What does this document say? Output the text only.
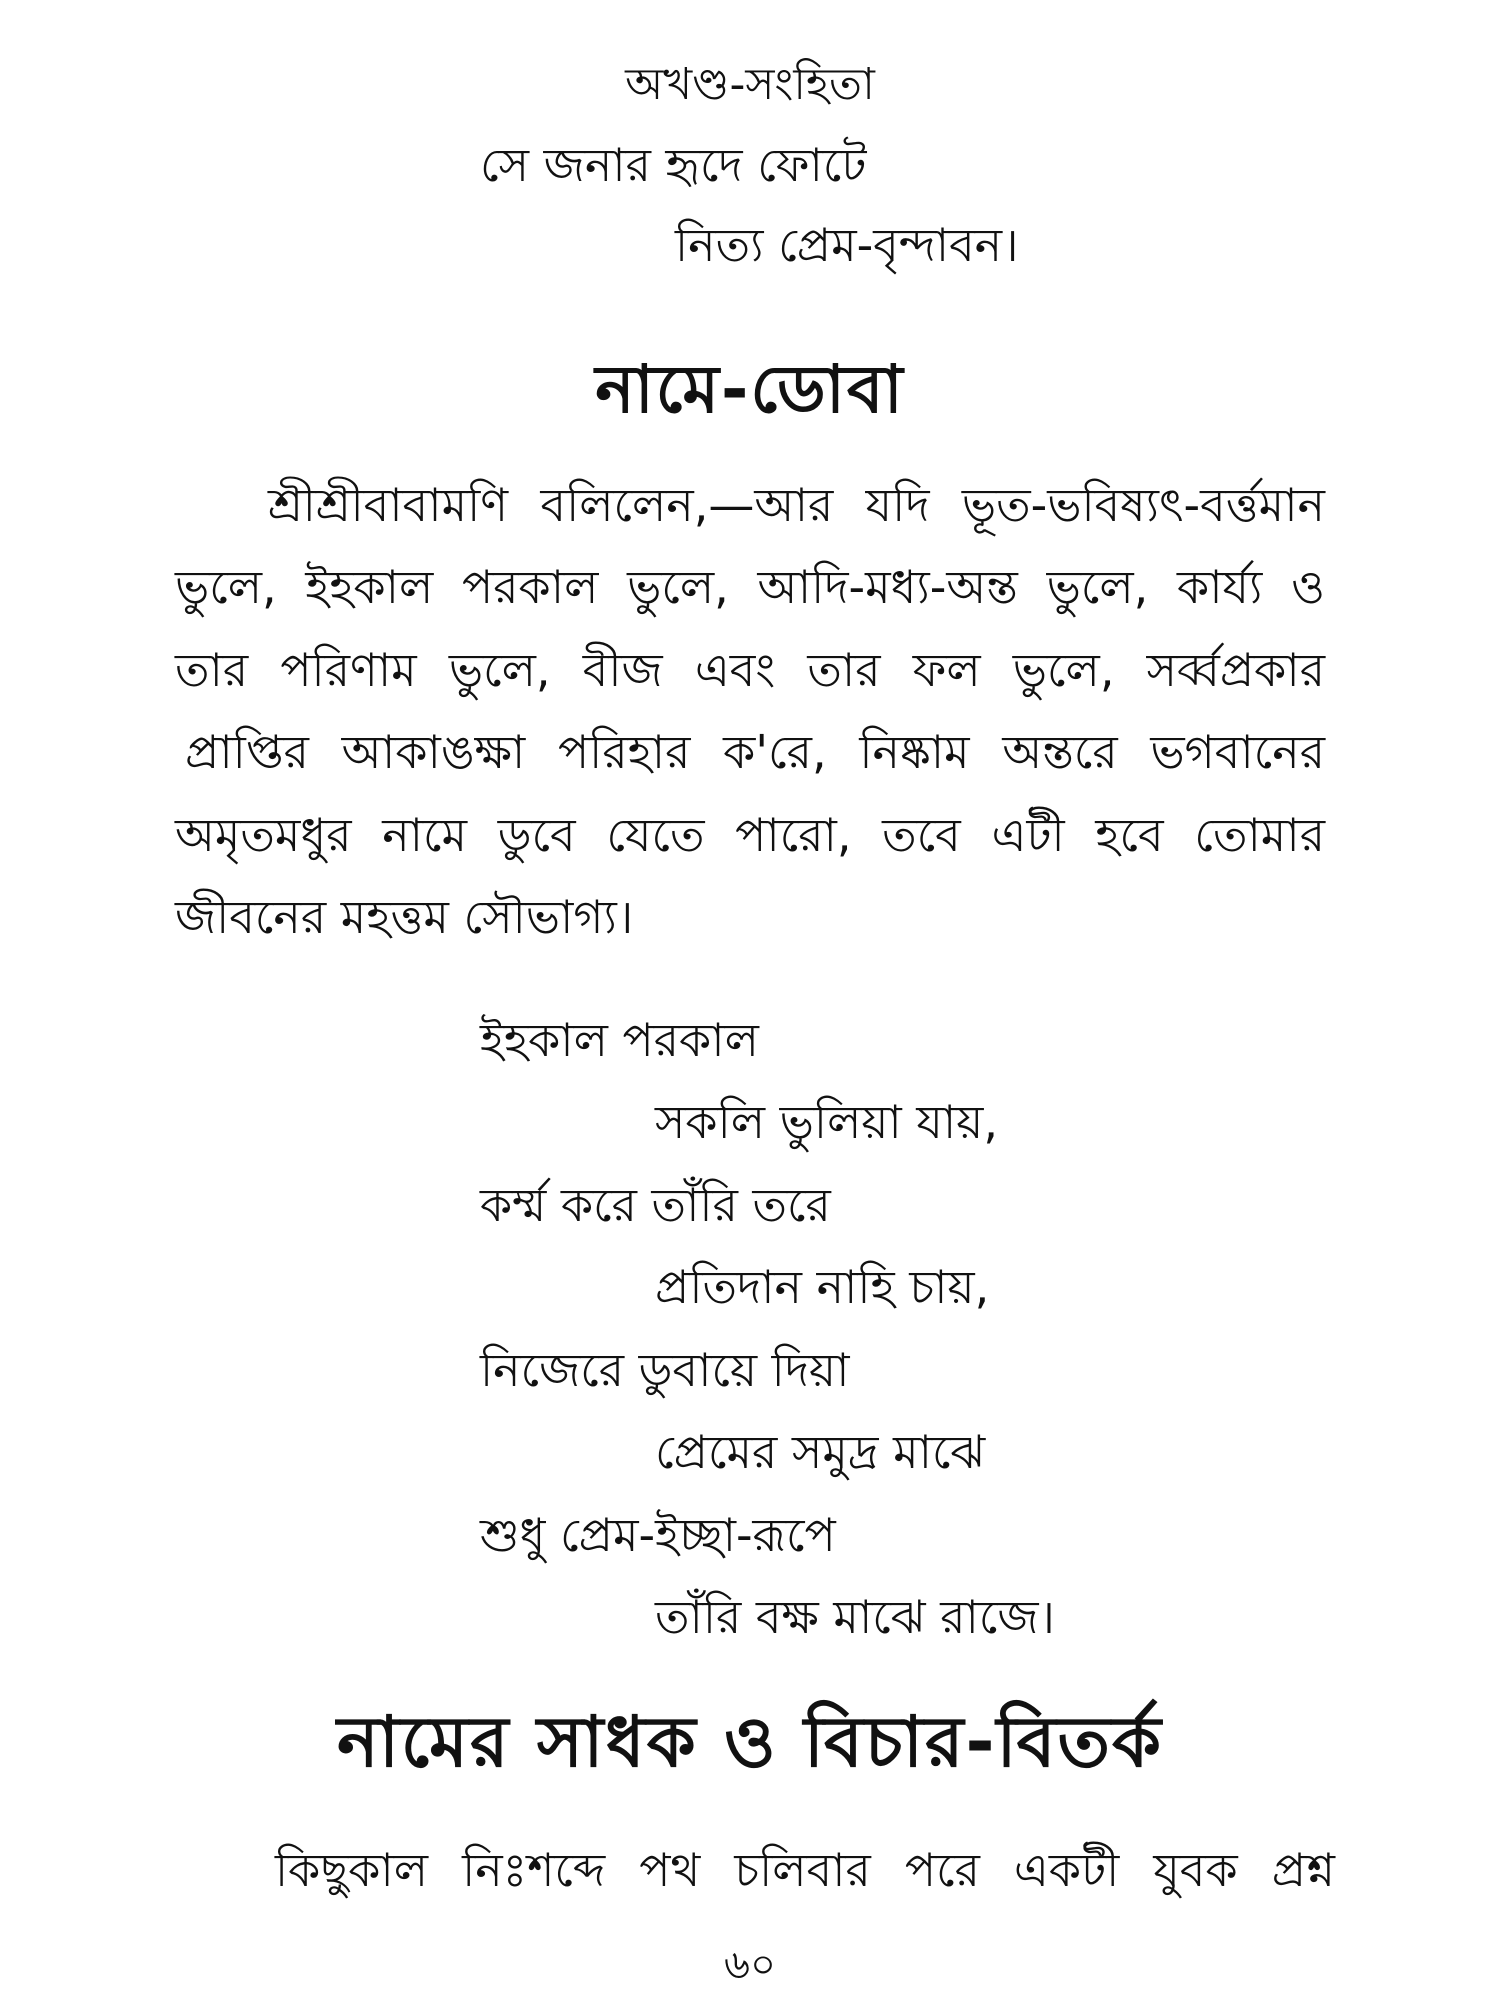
অখণ্ড-সংহিতা
সে জনার হৃদে ফোটে
নিত্য প্রেম-বৃন্দাবন।
নামে-ডোবা
শ্রীশ্রীবাবামণি বলিলেন,—আর যদি ভূত-ভবিষ্যৎ-বর্ত্তমান
ভুলে, ইহকাল পরকাল ভুলে, আদি-মধ্য-অন্ত ভুলে, কার্য্য ও
তার পরিণাম ভুলে, বীজ এবং তার ফল ভুলে, সর্ব্বপ্রকার
প্রাপ্তির আকাঙক্ষা পরিহার ক'রে, নিষ্কাম অন্তরে ভগবানের
অমৃতমধুর নামে ডুবে যেতে পারো, তবে এটী হবে তোমার
জীবনের মহত্তম সৌভাগ্য।
ইহকাল পরকাল
সকলি ভুলিয়া যায়,
কর্ম্ম করে তাঁরি তরে
প্রতিদান নাহি চায়,
নিজেরে ডুবায়ে দিয়া
প্রেমের সমুদ্র মাঝে
শুধু প্রেম-ইচ্ছা-রূপে
তাঁরি বক্ষ মাঝে রাজে।
নামের সাধক ও বিচার-বিতর্ক
কিছুকাল নিঃশব্দে পথ চলিবার পরে একটী যুবক প্রশ্ন
৬০
